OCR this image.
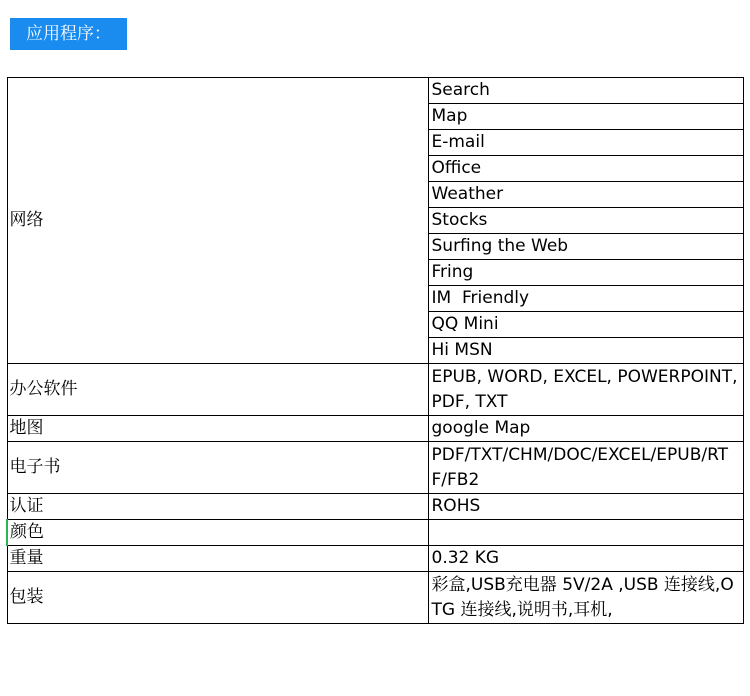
应用程序：
网络	Search
	Map
	E-mail
	Office
	Weather
	Stocks
	Surfing the Web
	Fring
	IM  Friendly
	QQ Mini
	Hi MSN
办公软件	EPUB, WORD, EXCEL, POWERPOINT, PDF, TXT
地图	google Map
电子书	PDF/TXT/CHM/DOC/EXCEL/EPUB/RTF/FB2
认证	ROHS
颜色	
重量	0.32 KG
包装	彩盒,USB充电器 5V/2A ,USB 连接线,OTG 连接线,说明书,耳机,
